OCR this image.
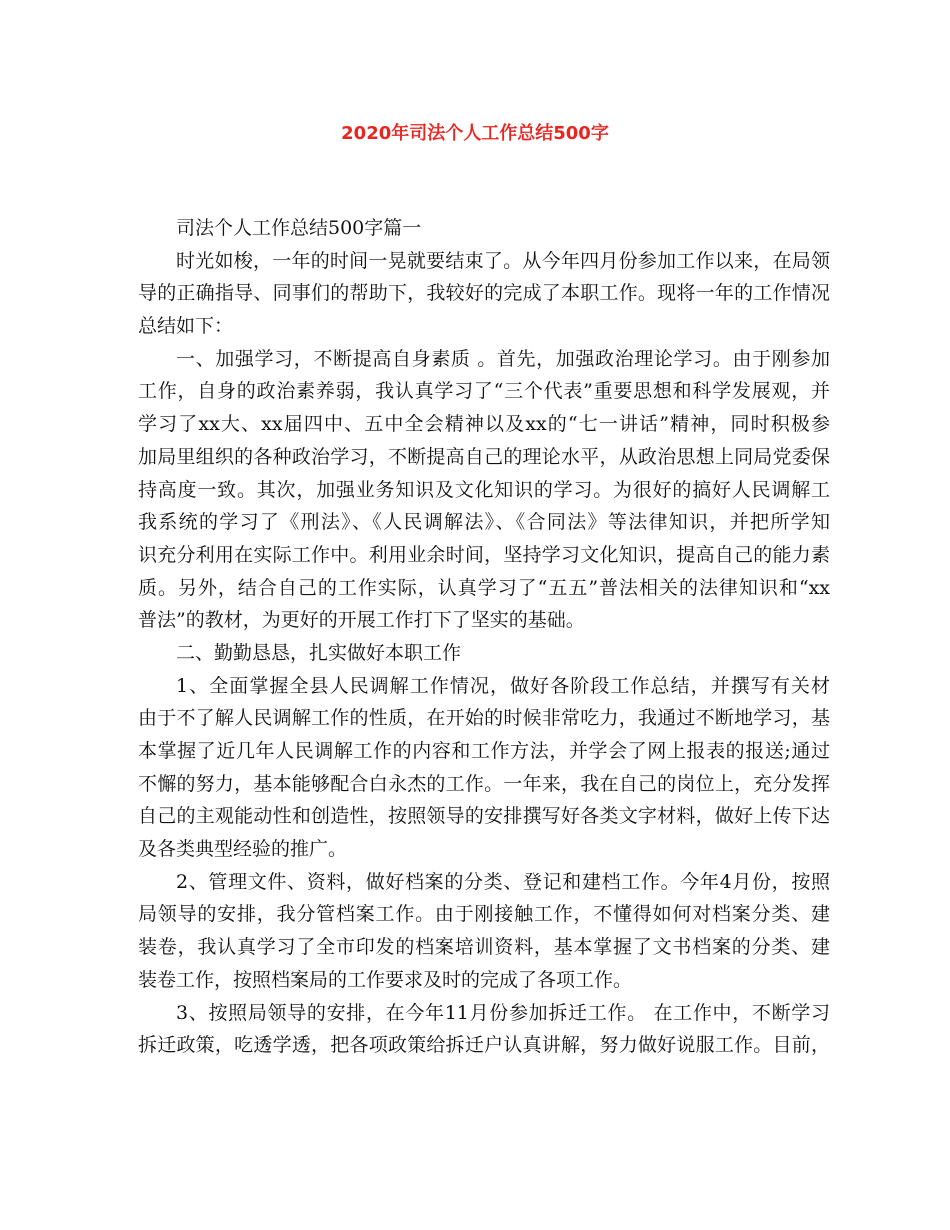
2020年司法个人工作总结500字
司法个人工作总结500字篇一
时光如梭，一年的时间一晃就要结束了。从今年四月份参加工作以来，在局领
导的正确指导、同事们的帮助下，我较好的完成了本职工作。现将一年的工作情况
总结如下：
一、加强学习，不断提高自身素质 。首先，加强政治理论学习。由于刚参加
工作，自身的政治素养弱，我认真学习了“三个代表”重要思想和科学发展观，并
学习了xx大、xx届四中、五中全会精神以及xx的“七一讲话”精神，同时积极参
加局里组织的各种政治学习，不断提高自己的理论水平，从政治思想上同局党委保
持高度一致。其次，加强业务知识及文化知识的学习。为很好的搞好人民调解工
我系统的学习了《刑法》、《人民调解法》、《合同法》等法律知识，并把所学知
识充分利用在实际工作中。利用业余时间，坚持学习文化知识，提高自己的能力素
质。另外，结合自己的工作实际，认真学习了“五五”普法相关的法律知识和“xx
普法”的教材，为更好的开展工作打下了坚实的基础。
二、勤勤恳恳，扎实做好本职工作
1、全面掌握全县人民调解工作情况，做好各阶段工作总结，并撰写有关材
由于不了解人民调解工作的性质，在开始的时候非常吃力，我通过不断地学习，基
本掌握了近几年人民调解工作的内容和工作方法，并学会了网上报表的报送;通过
不懈的努力，基本能够配合白永杰的工作。一年来，我在自己的岗位上，充分发挥
自己的主观能动性和创造性，按照领导的安排撰写好各类文字材料，做好上传下达
及各类典型经验的推广。
2、管理文件、资料，做好档案的分类、登记和建档工作。今年4月份，按照
局领导的安排，我分管档案工作。由于刚接触工作，不懂得如何对档案分类、建
装卷，我认真学习了全市印发的档案培训资料，基本掌握了文书档案的分类、建
装卷工作，按照档案局的工作要求及时的完成了各项工作。
3、按照局领导的安排，在今年11月份参加拆迁工作。 在工作中，不断学习
拆迁政策，吃透学透，把各项政策给拆迁户认真讲解，努力做好说服工作。目前，
